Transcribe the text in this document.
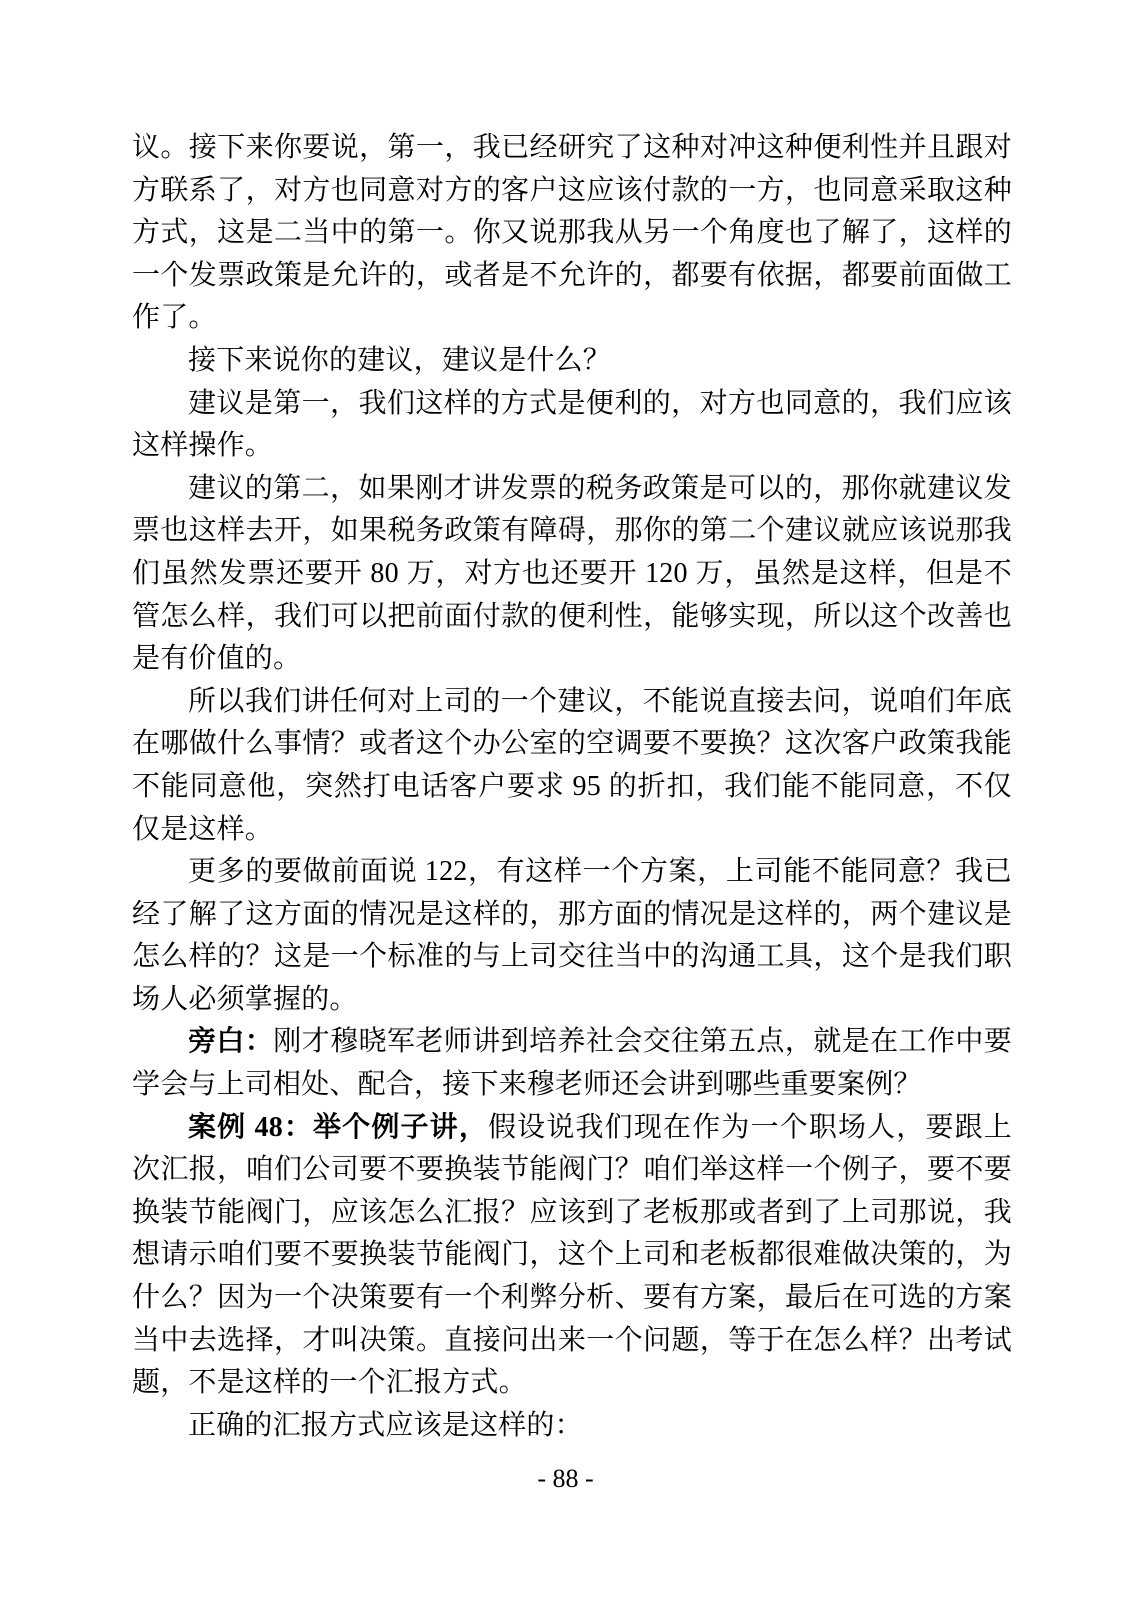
议。接下来你要说，第一，我已经研究了这种对冲这种便利性并且跟对方联系了，对方也同意对方的客户这应该付款的一方，也同意采取这种方式，这是二当中的第一。你又说那我从另一个角度也了解了，这样的一个发票政策是允许的，或者是不允许的，都要有依据，都要前面做工作了。

接下来说你的建议，建议是什么？

建议是第一，我们这样的方式是便利的，对方也同意的，我们应该这样操作。

建议的第二，如果刚才讲发票的税务政策是可以的，那你就建议发票也这样去开，如果税务政策有障碍，那你的第二个建议就应该说那我们虽然发票还要开 80 万，对方也还要开 120 万，虽然是这样，但是不管怎么样，我们可以把前面付款的便利性，能够实现，所以这个改善也是有价值的。

所以我们讲任何对上司的一个建议，不能说直接去问，说咱们年底在哪做什么事情？或者这个办公室的空调要不要换？这次客户政策我能不能同意他，突然打电话客户要求 95 的折扣，我们能不能同意，不仅仅是这样。

更多的要做前面说 122，有这样一个方案，上司能不能同意？我已经了解了这方面的情况是这样的，那方面的情况是这样的，两个建议是怎么样的？这是一个标准的与上司交往当中的沟通工具，这个是我们职场人必须掌握的。

旁白：刚才穆晓军老师讲到培养社会交往第五点，就是在工作中要学会与上司相处、配合，接下来穆老师还会讲到哪些重要案例？

案例 48：举个例子讲，假设说我们现在作为一个职场人，要跟上次汇报，咱们公司要不要换装节能阀门？咱们举这样一个例子，要不要换装节能阀门，应该怎么汇报？应该到了老板那或者到了上司那说，我想请示咱们要不要换装节能阀门，这个上司和老板都很难做决策的，为什么？因为一个决策要有一个利弊分析、要有方案，最后在可选的方案当中去选择，才叫决策。直接问出来一个问题，等于在怎么样？出考试题，不是这样的一个汇报方式。

正确的汇报方式应该是这样的：

- 88 -
